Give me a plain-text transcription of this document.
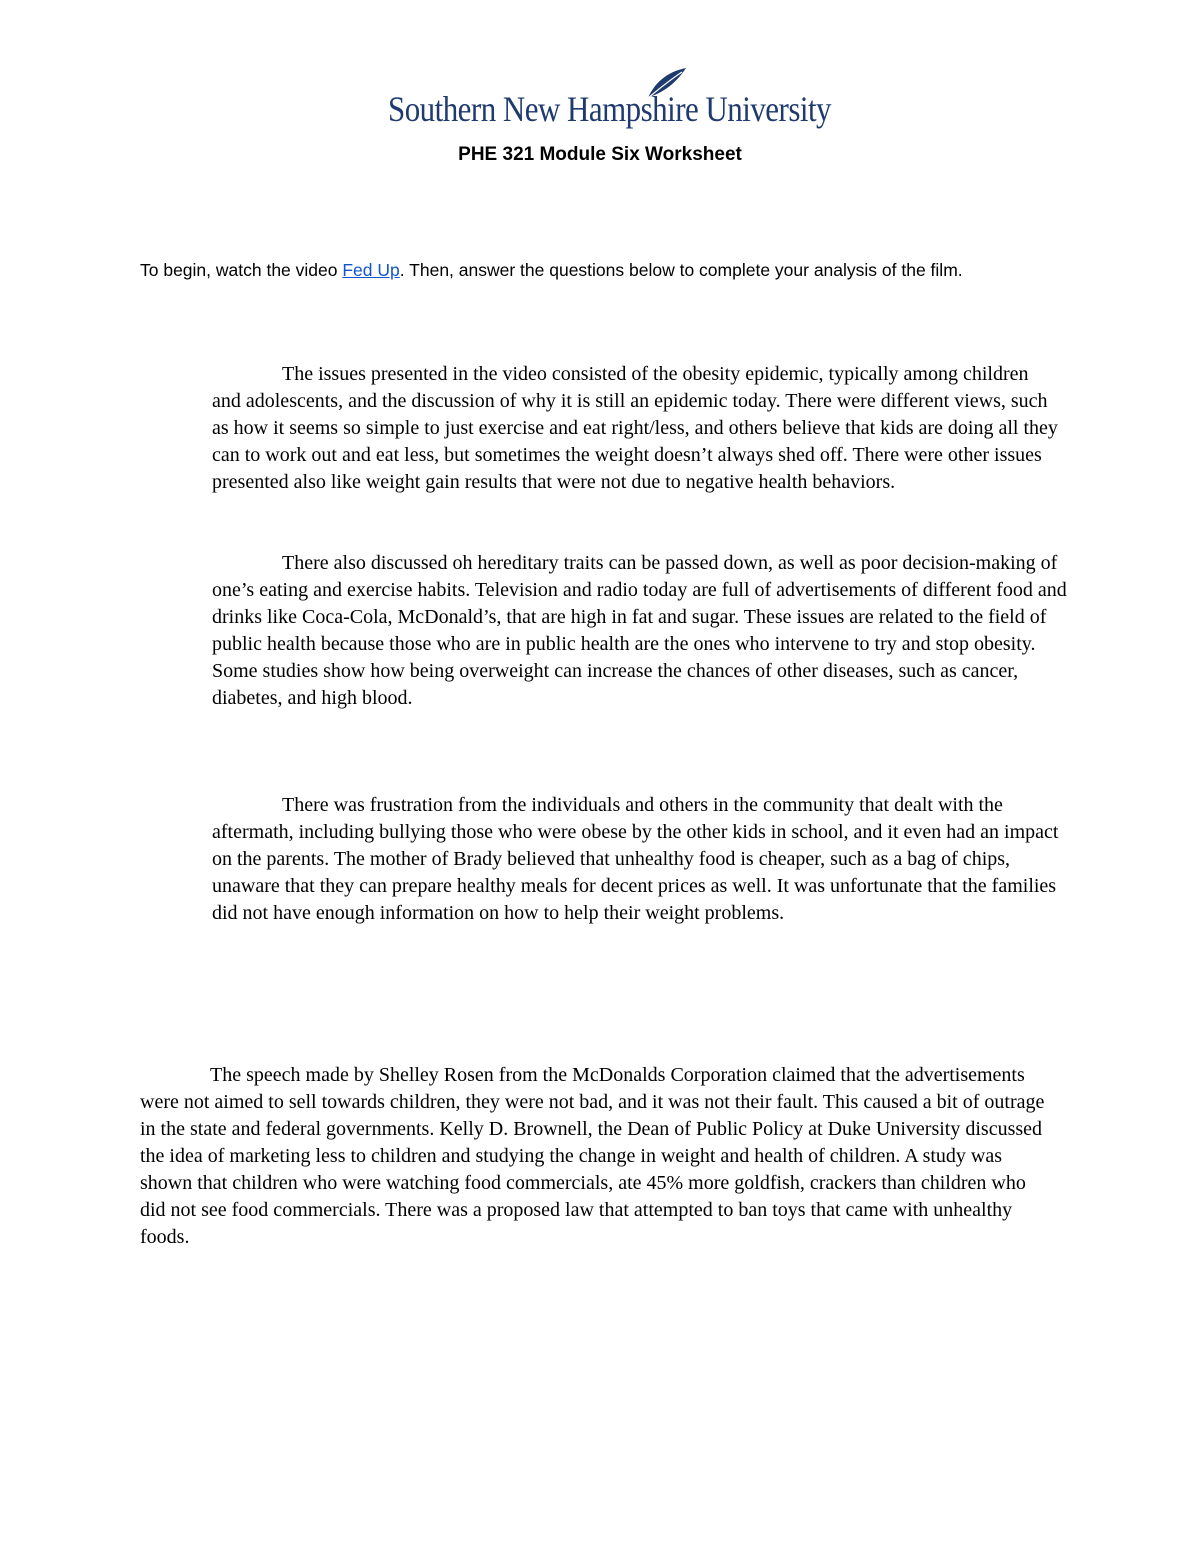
Southern New Hampshire University
PHE 321 Module Six Worksheet

To begin, watch the video Fed Up. Then, answer the questions below to complete your analysis of the film.

The issues presented in the video consisted of the obesity epidemic, typically among children and adolescents, and the discussion of why it is still an epidemic today. There were different views, such as how it seems so simple to just exercise and eat right/less, and others believe that kids are doing all they can to work out and eat less, but sometimes the weight doesn’t always shed off. There were other issues presented also like weight gain results that were not due to negative health behaviors.

There also discussed oh hereditary traits can be passed down, as well as poor decision-making of one’s eating and exercise habits. Television and radio today are full of advertisements of different food and drinks like Coca-Cola, McDonald’s, that are high in fat and sugar. These issues are related to the field of public health because those who are in public health are the ones who intervene to try and stop obesity. Some studies show how being overweight can increase the chances of other diseases, such as cancer, diabetes, and high blood.

There was frustration from the individuals and others in the community that dealt with the aftermath, including bullying those who were obese by the other kids in school, and it even had an impact on the parents. The mother of Brady believed that unhealthy food is cheaper, such as a bag of chips, unaware that they can prepare healthy meals for decent prices as well. It was unfortunate that the families did not have enough information on how to help their weight problems.

The speech made by Shelley Rosen from the McDonalds Corporation claimed that the advertisements were not aimed to sell towards children, they were not bad, and it was not their fault. This caused a bit of outrage in the state and federal governments. Kelly D. Brownell, the Dean of Public Policy at Duke University discussed the idea of marketing less to children and studying the change in weight and health of children. A study was shown that children who were watching food commercials, ate 45% more goldfish, crackers than children who did not see food commercials. There was a proposed law that attempted to ban toys that came with unhealthy foods.
